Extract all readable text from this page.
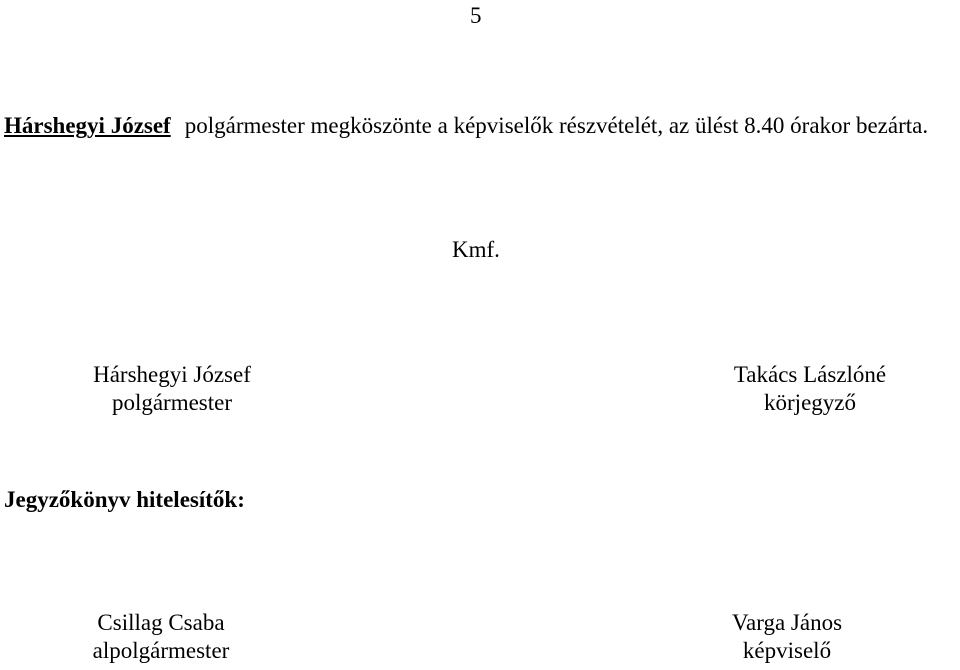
5
Hárshegyi József polgármester megköszönte a képviselők részvételét, az ülést 8.40 órakor bezárta.
Kmf.
Hárshegyi József
polgármester
Takács Lászlóné
körjegyző
Jegyzőkönyv hitelesítők:
Csillag Csaba
alpolgármester
Varga János
képviselő
